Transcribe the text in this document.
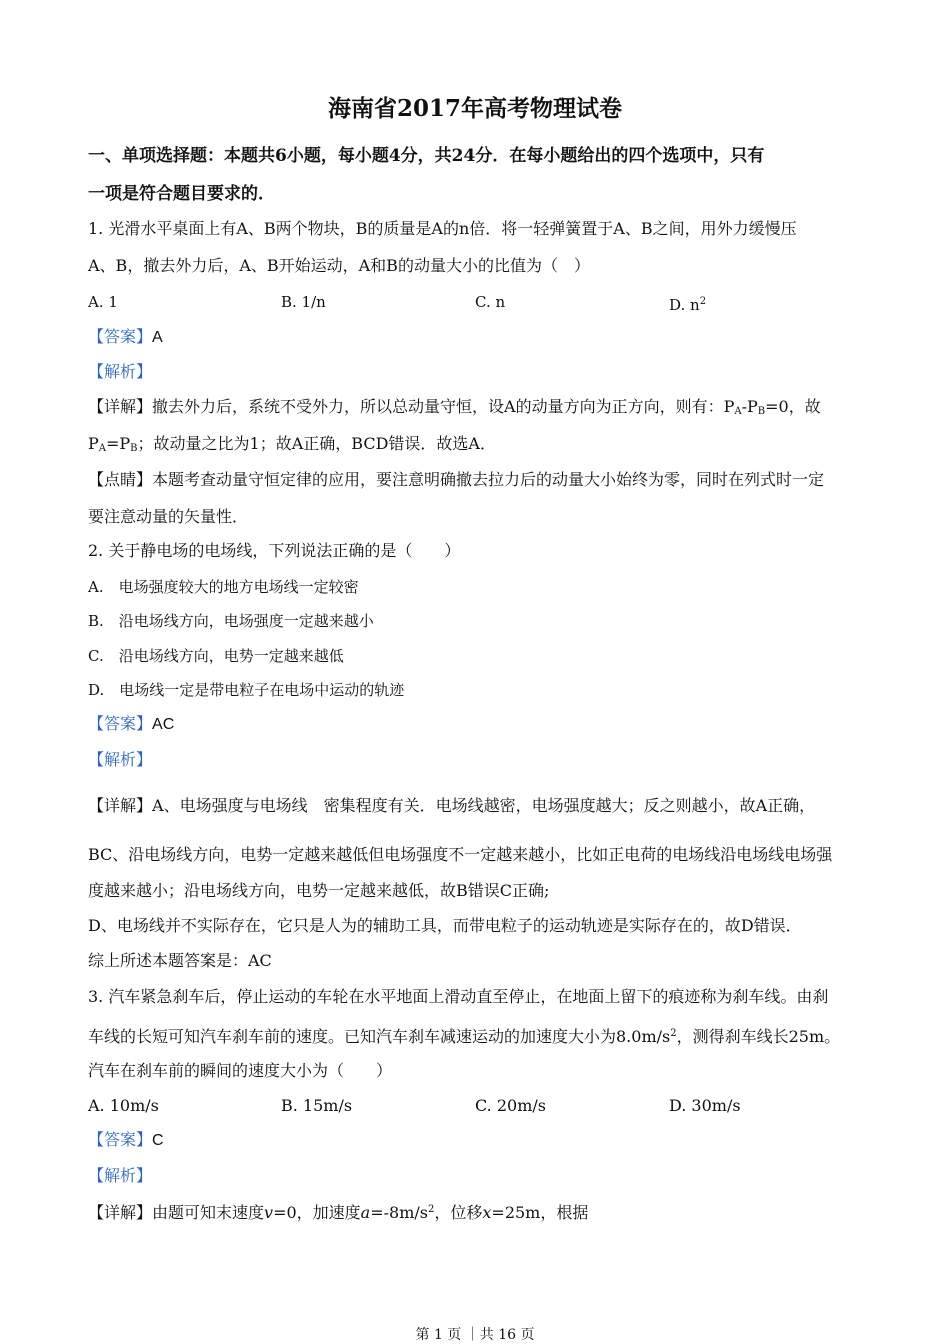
海南省2017年高考物理试卷
一、单项选择题：本题共6小题，每小题4分，共24分．在每小题给出的四个选项中，只有
一项是符合题目要求的．
1. 光滑水平桌面上有A、B两个物块，B的质量是A的n倍．将一轻弹簧置于A、B之间，用外力缓慢压
A、B，撤去外力后，A、B开始运动，A和B的动量大小的比值为（　）
A. 1	B. 1/n	C. n	D. $n^2$
【答案】A
【解析】
【详解】撤去外力后，系统不受外力，所以总动量守恒，设A的动量方向为正方向，则有：$P_A-P_B=0$，故
$P_A=P_B$；故动量之比为1；故A正确，BCD错误．故选A．
【点睛】本题考查动量守恒定律的应用，要注意明确撤去拉力后的动量大小始终为零，同时在列式时一定
要注意动量的矢量性．
2. 关于静电场的电场线，下列说法正确的是（　　）
A.　电场强度较大的地方电场线一定较密
B.　沿电场线方向，电场强度一定越来越小
C.　沿电场线方向，电势一定越来越低
D.　电场线一定是带电粒子在电场中运动的轨迹
【答案】AC
【解析】
【详解】A、电场强度与电场线　密集程度有关．电场线越密，电场强度越大；反之则越小，故A正确，
BC、沿电场线方向，电势一定越来越低但电场强度不一定越来越小，比如正电荷的电场线沿电场线电场强
度越来越小；沿电场线方向，电势一定越来越低，故B错误C正确;
D、电场线并不实际存在，它只是人为的辅助工具，而带电粒子的运动轨迹是实际存在的，故D错误．
综上所述本题答案是：AC
3. 汽车紧急刹车后，停止运动的车轮在水平地面上滑动直至停止，在地面上留下的痕迹称为刹车线。由刹
车线的长短可知汽车刹车前的速度。已知汽车刹车减速运动的加速度大小为$8.0m/s^2$，测得刹车线长25m。
汽车在刹车前的瞬间的速度大小为（　　）
A. 10m/s	B. 15m/s	C. 20m/s	D. 30m/s
【答案】C
【解析】
【详解】由题可知末速度v=0，加速度$a=-8m/s^2$，位移x=25m，根据
第 1 页 ｜共 16 页
